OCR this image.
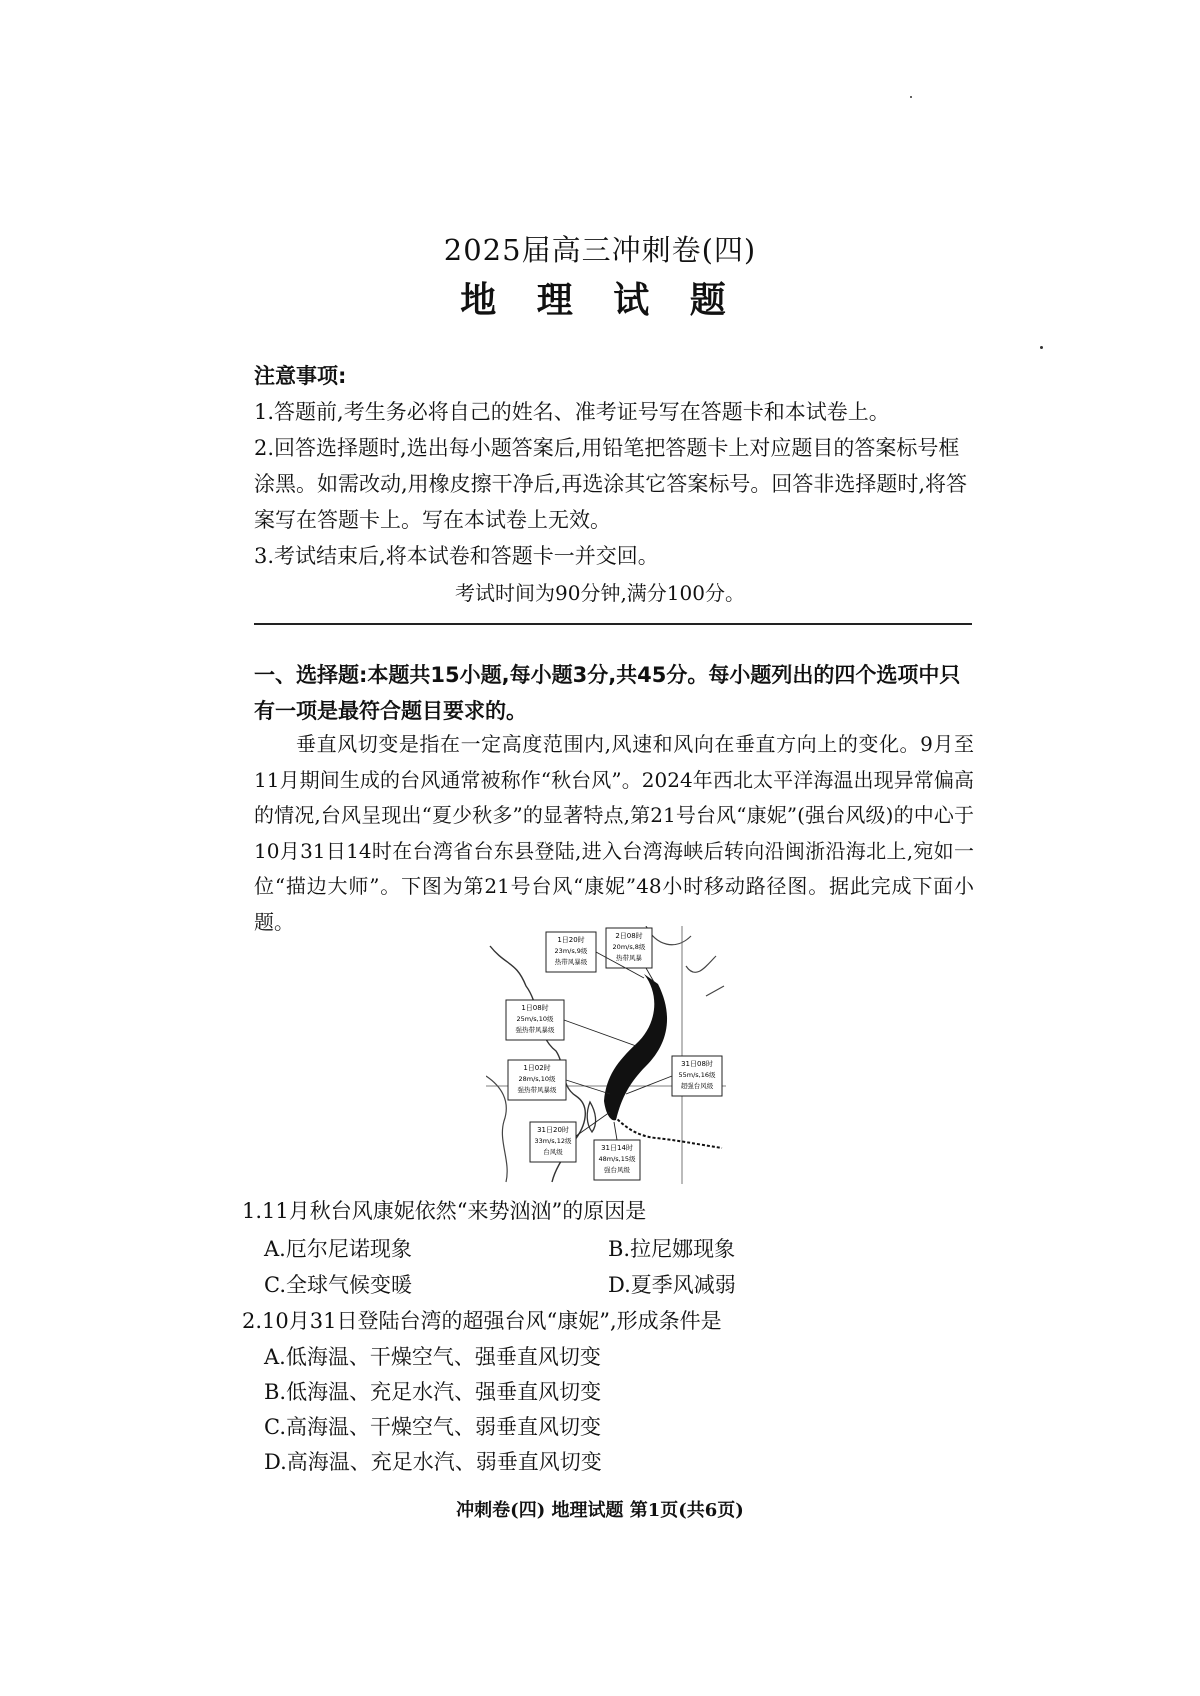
2025届高三冲刺卷(四)
地 理 试 题

注意事项:

1.答题前,考生务必将自己的姓名、准考证号写在答题卡和本试卷上。

2.回答选择题时,选出每小题答案后,用铅笔把答题卡上对应题目的答案标号框涂黑。如需改动,用橡皮擦干净后,再选涂其它答案标号。回答非选择题时,将答案写在答题卡上。写在本试卷上无效。

3.考试结束后,将本试卷和答题卡一并交回。

考试时间为90分钟,满分100分。
一、选择题:本题共15小题,每小题3分,共45分。每小题列出的四个选项中只有一项是最符合题目要求的。
垂直风切变是指在一定高度范围内,风速和风向在垂直方向上的变化。9月至11月期间生成的台风通常被称作“秋台风”。2024年西北太平洋海温出现异常偏高的情况,台风呈现出“夏少秋多”的显著特点,第21号台风“康妮”(强台风级)的中心于10月31日14时在台湾省台东县登陆,进入台湾海峡后转向沿闽浙沿海北上,宛如一位“描边大师”。下图为第21号台风“康妮”48小时移动路径图。据此完成下面小题。
1日20时
23m/s,9级
热带风暴级
2日08时
20m/s,8级
热带风暴
1日08时
25m/s,10级
强热带风暴级
1日02时
28m/s,10级
强热带风暴级
31日08时
55m/s,16级
超强台风级
31日20时
33m/s,12级
台风级	31日14时
48m/s,15级
强台风级
1.11月秋台风康妮依然“来势汹汹”的原因是
A.厄尔尼诺现象	B.拉尼娜现象
C.全球气候变暖	D.夏季风减弱
2.10月31日登陆台湾的超强台风“康妮”,形成条件是
A.低海温、干燥空气、强垂直风切变
B.低海温、充足水汽、强垂直风切变
C.高海温、干燥空气、弱垂直风切变
D.高海温、充足水汽、弱垂直风切变
冲刺卷(四) 地理试题 第1页(共6页)
